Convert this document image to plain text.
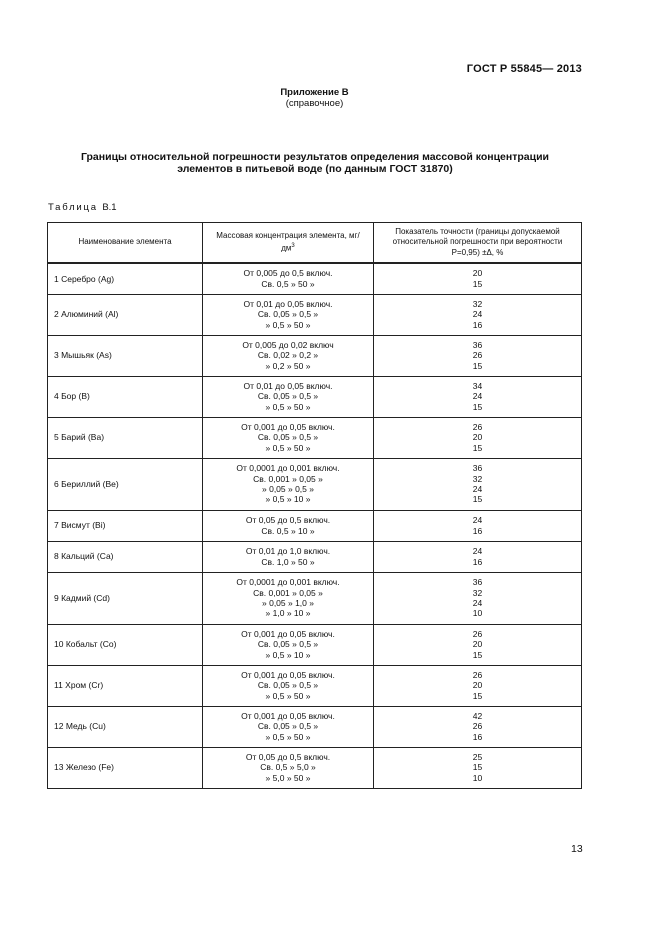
ГОСТ Р 55845— 2013
Приложение В
(справочное)
Границы относительной погрешности результатов определения массовой концентрации
элементов в питьевой воде (по данным ГОСТ 31870)
Таблица В.1
Наименование элемента	Массовая концентрация элемента, мг/
$дм^3$	Показатель точности (границы допускаемой
относительной погрешности при вероятности
P=0,95) ±Δ, %

1 Серебро (Ag)	От 0,005 до 0,5 включ.
Св. 0,5 » 50 »	20
15

2 Алюминий (Al)	От 0,01 до 0,05 включ.
Св. 0,05 » 0,5 »
» 0,5 » 50 »	32
24
16

3 Мышьяк (As)	От 0,005 до 0,02 включ
Св. 0,02 » 0,2 »
» 0,2 » 50 »	36
26
15

4 Бор (В)	От 0,01 до 0,05 включ.
Св. 0,05 » 0,5 »
» 0,5 » 50 »	34
24
15

5 Барий (Ва)	От 0,001 до 0,05 включ.
Св. 0,05 » 0,5 »
» 0,5 » 50 »	26
20
15

6 Бериллий (Be)	От 0,0001 до 0,001 включ.
Св. 0,001 » 0,05 »
» 0,05 » 0,5 »
» 0,5 » 10 »	36
32
24
15

7 Висмут (Bi)	От 0,05 до 0,5 включ.
Св. 0,5 » 10 »	24
16

8 Кальций (Са)	От 0,01 до 1,0 включ.
Св. 1,0 » 50 »	24
16

9 Кадмий (Cd)	От 0,0001 до 0,001 включ.
Св. 0,001 » 0,05 »
» 0,05 » 1,0 »
» 1,0 » 10 »	36
32
24
10

10 Кобальт (Со)	От 0,001 до 0,05 включ.
Св. 0,05 » 0,5 »
» 0,5 » 10 »	26
20
15

11 Хром (Cr)	От 0,001 до 0,05 включ.
Св. 0,05 » 0,5 »
» 0,5 » 50 »	26
20
15

12 Медь (Cu)	От 0,001 до 0,05 включ.
Св. 0,05 » 0,5 »
» 0,5 » 50 »	42
26
16

13 Железо (Fe)	От 0,05 до 0,5 включ.
Св. 0,5 » 5,0 »
» 5,0 » 50 »	25
15
10
13
